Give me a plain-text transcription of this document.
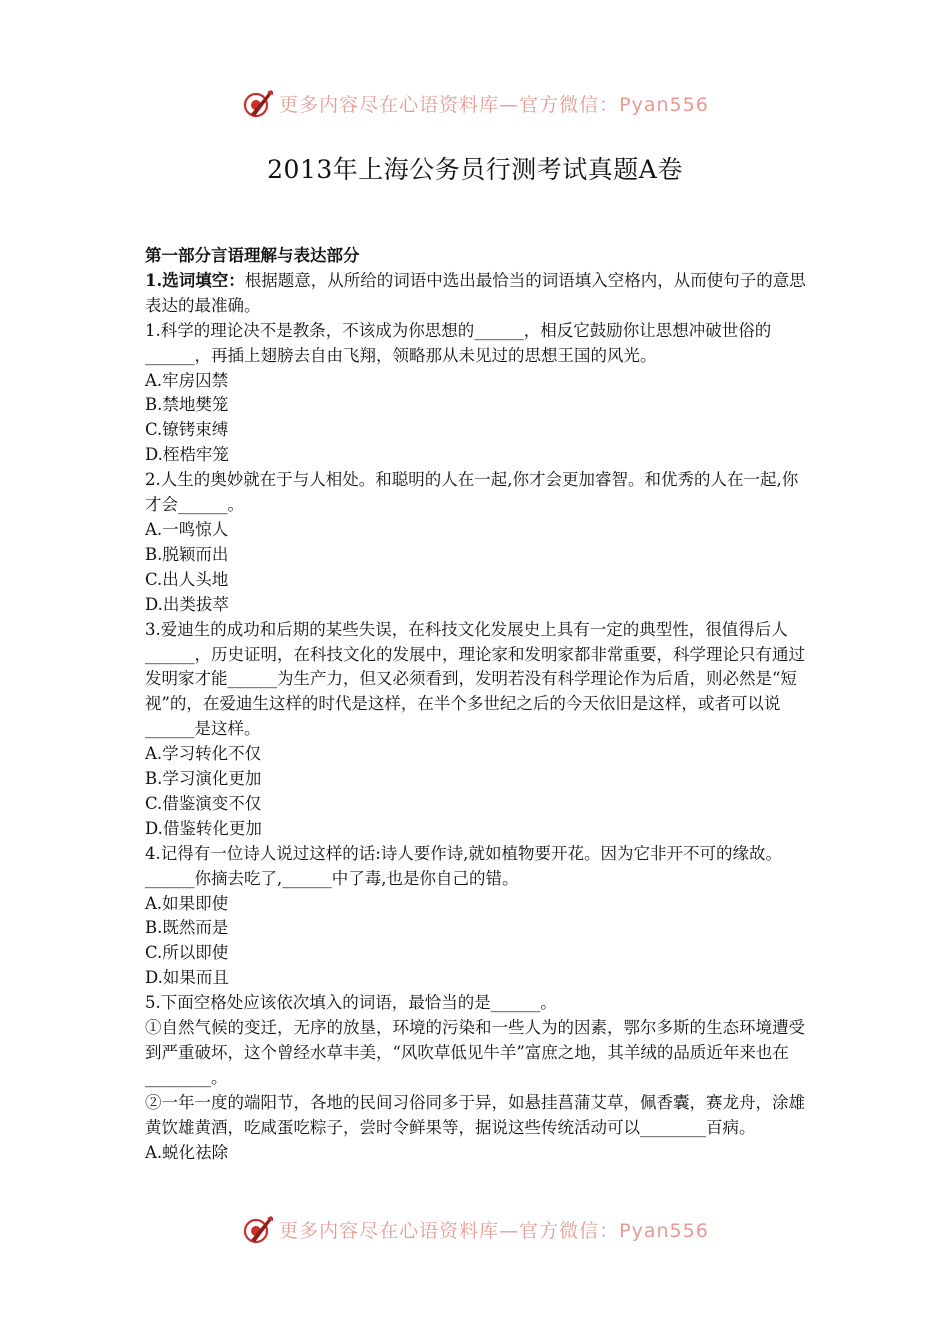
更多内容尽在心语资料库—官方微信：Pyan556
2013年上海公务员行测考试真题A卷

第一部分言语理解与表达部分

1.选词填空：根据题意，从所给的词语中选出最恰当的词语填入空格内，从而使句子的意思表达的最准确。

1.科学的理论决不是教条，不该成为你思想的______，相反它鼓励你让思想冲破世俗的______，再插上翅膀去自由飞翔，领略那从未见过的思想王国的风光。

A.牢房囚禁

B.禁地樊笼

C.镣铐束缚

D.桎梏牢笼

2.人生的奥妙就在于与人相处。和聪明的人在一起,你才会更加睿智。和优秀的人在一起,你才会______。

A.一鸣惊人

B.脱颖而出

C.出人头地

D.出类拔萃

3.爱迪生的成功和后期的某些失误，在科技文化发展史上具有一定的典型性，很值得后人______，历史证明，在科技文化的发展中，理论家和发明家都非常重要，科学理论只有通过发明家才能______为生产力，但又必须看到，发明若没有科学理论作为后盾，则必然是“短视”的，在爱迪生这样的时代是这样，在半个多世纪之后的今天依旧是这样，或者可以说______是这样。

A.学习转化不仅

B.学习演化更加

C.借鉴演变不仅

D.借鉴转化更加

4.记得有一位诗人说过这样的话:诗人要作诗,就如植物要开花。因为它非开不可的缘故。______你摘去吃了,______中了毒,也是你自己的错。

A.如果即使

B.既然而是

C.所以即使

D.如果而且

5.下面空格处应该依次填入的词语，最恰当的是______。

①自然气候的变迁，无序的放垦，环境的污染和一些人为的因素，鄂尔多斯的生态环境遭受到严重破坏，这个曾经水草丰美，“风吹草低见牛羊”富庶之地，其羊绒的品质近年来也在________。

②一年一度的端阳节，各地的民间习俗同多于异，如悬挂菖蒲艾草，佩香囊，赛龙舟，涂雄黄饮雄黄酒，吃咸蛋吃粽子，尝时令鲜果等，据说这些传统活动可以________百病。

A.蜕化祛除

更多内容尽在心语资料库—官方微信：Pyan556
